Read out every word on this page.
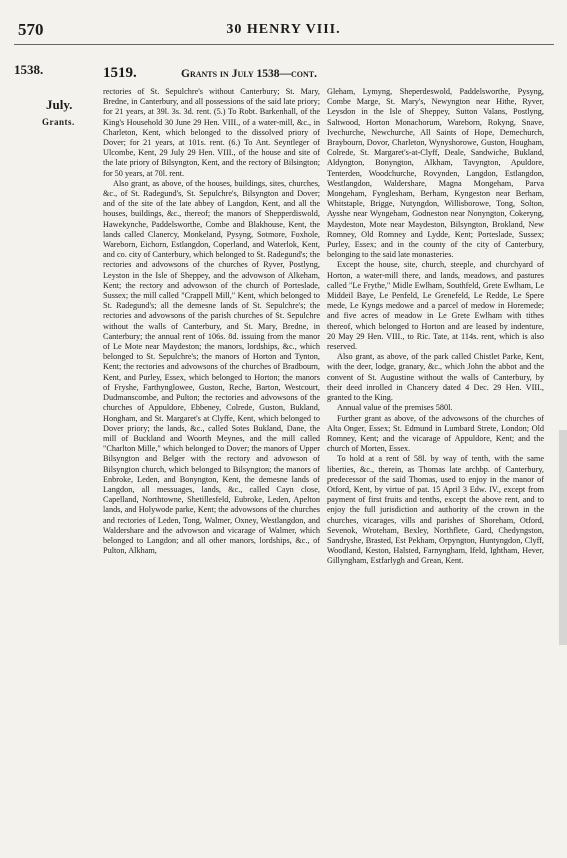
570	30 HENRY VIII.
1538.	1519.	Grants in July 1538—cont.
July.
Grants.

rectories of St. Sepulchre's without Canterbury; St. Mary, Bredne, in Canterbury, and all possessions of the said late priory; for 21 years, at 39l. 3s. 3d. rent. (5.) To Robt. Barkenhall, of the King's Household 30 June 29 Hen. VIII., of a water-mill, &c., in Charleton, Kent, which belonged to the dissolved priory of Dover; for 21 years, at 101s. rent. (6.) To Ant. Seyntleger of Ulcombe, Kent, 29 July 29 Hen. VIII., of the house and site of the late priory of Bilsyngton, Kent, and the rectory of Bilsington; for 50 years, at 70l. rent.

Also grant, as above, of the houses, buildings, sites, churches, &c., of St. Radegund's, St. Sepulchre's, Bilsyngton and Dover; and of the site of the late abbey of Langdon, Kent, and all the houses, buildings, &c., thereof; the manors of Shepperdiswold, Hawekynche, Paddelsworthe, Combe and Blakhouse, Kent, the lands called Clanercy, Monkeland, Pysyng, Sotmore, Foxhole, Wareborn, Eichorn, Estlangdon, Coperland, and Waterlok, Kent, and co. city of Canterbury, which belonged to St. Radegund's; the rectories and advowsons of the churches of Ryver, Postlyng, Leyston in the Isle of Sheppey, and the advowson of Alkeham, Kent; the rectory and advowson of the church of Porteslade, Sussex; the mill called "Crappell Mill," Kent, which belonged to St. Radegund's; all the demesne lands of St. Sepulchre's; the rectories and advowsons of the parish churches of St. Sepulchre without the walls of Canterbury, and St. Mary, Bredne, in Canterbury; the annual rent of 106s. 8d. issuing from the manor of Le Mote near Maydeston; the manors, lordships, &c., which belonged to St. Sepulchre's; the manors of Horton and Tynton, Kent; the rectories and advowsons of the churches of Bradbourn, Kent, and Purley, Essex, which belonged to Horton; the manors of Fryshe, Farthyngloweе, Guston, Reche, Barton, Westcourt, Dudmanscombe, and Pulton; the rectories and advowsons of the churches of Appuldore, Ebbeney, Colrede, Guston, Bukland, Hongham, and St. Margaret's at Clyffe, Kent, which belonged to Dover priory; the lands, &c., called Sotes Bukland, Dane, the mill of Buckland and Woorth Meynes, and the mill called "Charlton Mille," which belonged to Dover; the manors of Upper Bilsyngton and Belger with the rectory and advowson of Bilsyngton church, which belonged to Bilsyngton; the manors of Enbroke, Leden, and Bonyngton, Kent, the demesne lands of Langdon, all messuages, lands, &c., called Cayn close, Capelland, Northtowne, Shetillesfeld, Eubroke, Leden, Apelton lands, and Holywode parke, Kent; the advowsons of the churches and rectories of Leden, Tong, Walmer, Oxney, Westlangdon, and Waldershare and the advowson and vicarage of Walmer, which belonged to Langdon; and all other manors, lordships, &c., of Pulton, Alkham,

Gleham, Lymyng, Sheperdeswold, Paddelsworthe, Pysyng, Combe Marge, St. Mary's, Newyngton near Hithe, Ryver, Leysdon in the Isle of Sheppey, Sutton Valans, Postlyng, Saltwood, Horton Monachorum, Wareborn, Rokyng, Snave, Ivechurche, Newchurche, All Saints of Hope, Demechurch, Braybourn, Dovor, Charleton, Wynyshorowe, Guston, Hougham, Colrede, St. Margaret's-at-Clyff, Deale, Sandwiche, Bukland, Aldyngton, Bonyngton, Alkham, Tavyngton, Apuldore, Tenterden, Woodchurche, Rovynden, Langdon, Estlangdon, Westlangdon, Waldershare, Magna Mongeham, Parva Mongeham, Fynglesham, Berham, Kyngeston near Berham, Whitstaple, Brigge, Nutyngdon, Willisborowe, Tong, Solton, Aysshe near Wyngeham, Godneston near Nonyngton, Cokeryng, Maydeston, Mote near Maydeston, Bilsyngton, Brokland, New Romney, Old Romney and Lydde, Kent; Porteslade, Sussex; Purley, Essex; and in the county of the city of Canterbury, belonging to the said late monasteries.

Except the house, site, church, steeple, and churchyard of Horton, a water-mill there, and lands, meadows, and pastures called "Le Frythe," Midle Ewlham, Southfeld, Grete Ewlham, Le Middeil Baye, Le Penfeld, Le Grenefeld, Le Redde, Le Spere mede, Le Kyngs medowe and a parcel of medow in Horemede; and five acres of meadow in Le Grete Ewlham with tithes thereof, which belonged to Horton and are leased by indenture, 20 May 29 Hen. VIII., to Ric. Tate, at 114s. rent, which is also reserved.

Also grant, as above, of the park called Chistlet Parke, Kent, with the deer, lodge, granary, &c., which John the abbot and the convent of St. Augustine without the walls of Canterbury, by their deed inrolled in Chancery dated 4 Dec. 29 Hen. VIII., granted to the King.

Annual value of the premises 580l.

Further grant as above, of the advowsons of the churches of Alta Onger, Essex; St. Edmund in Lumbard Strete, London; Old Romney, Kent; and the vicarage of Appuldore, Kent; and the church of Morten, Essex.

To hold at a rent of 58l. by way of tenth, with the same liberties, &c., therein, as Thomas late archbp. of Canterbury, predecessor of the said Thomas, used to enjoy in the manor of Otford, Kent, by virtue of pat. 15 April 3 Edw. IV., except from payment of first fruits and tenths, except the above rent, and to enjoy the full jurisdiction and authority of the crown in the churches, vicarages, vills and parishes of Shoreham, Otford, Sevenok, Wroteham, Bexley, Northflete, Gard, Chedyngston, Sandryshe, Brasted, Est Pekham, Orpyngton, Huntyngdon, Clyff, Woodland, Keston, Halsted, Farnyngham, Ifeld, Ightham, Hever, Gillyngham, Estfarlygh and Grean, Kent.
